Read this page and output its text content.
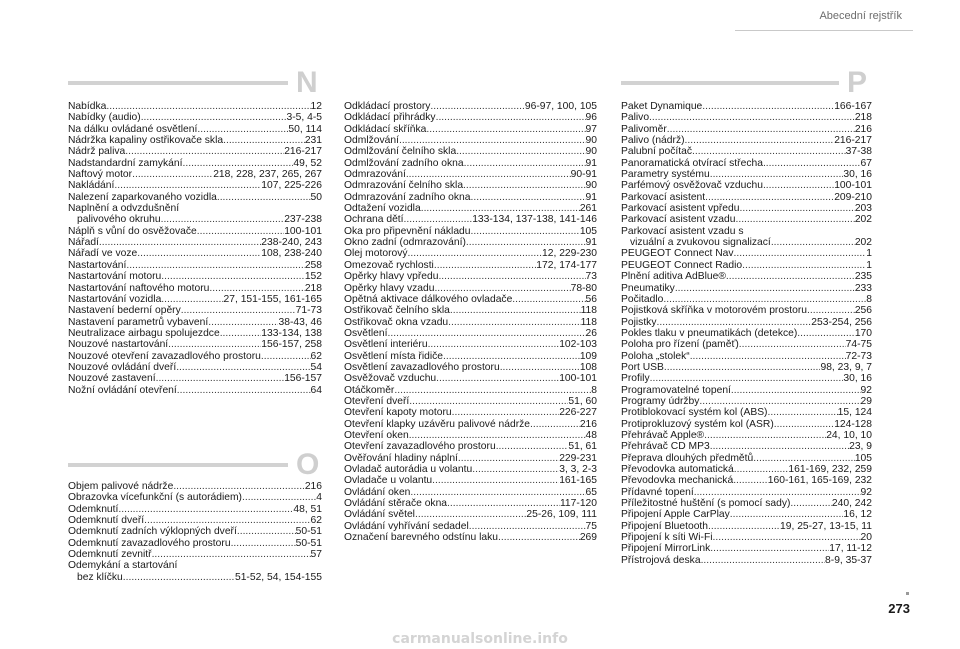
Abecední rejstřík
N
Nabídka .....	12
Nabídky (audio) .....	3-5, 4-5
Na dálku ovládané osvětlení .....	50, 114
Nádržka kapaliny ostřikovače skla .....	231
Nádrž paliva .....	216-217
Nadstandardní zamykání .....	49, 52
Naftový motor .....	218, 228, 237, 265, 267
Nakládání .....	107, 225-226
Nalezení zaparkovaného vozidla .....	50
Naplnění a odvzdušnění
palivového okruhu .....	237-238
Náplň s vůní do osvěžovače .....	100-101
Nářadí .....	238-240, 243
Nářadí ve voze .....	108, 238-240
Nastartování .....	258
Nastartování motoru .....	152
Nastartování naftového motoru .....	218
Nastartování vozidla .....	27, 151-155, 161-165
Nastavení bederní opěry .....	71-73
Nastavení parametrů vybavení .....	38-43, 46
Neutralizace airbagu spolujezdce .....	133-134, 138
Nouzové nastartování .....	156-157, 258
Nouzové otevření zavazadlového prostoru .....	62
Nouzové ovládání dveří .....	54
Nouzové zastavení .....	156-157
Nožní ovládání otevření .....	64
O
Objem palivové nádrže .....	216
Obrazovka vícefunkční (s autorádiem) .....	4
Odemknutí .....	48, 51
Odemknutí dveří .....	62
Odemknutí zadních výklopných dveří .....	50-51
Odemknutí zavazadlového prostoru .....	50-51
Odemknutí zevnitř .....	57
Odemykání a startování
bez klíčku .....	51-52, 54, 154-155
Odkládací prostory .....	96-97, 100, 105
Odkládací přihrádky .....	96
Odkládací skříňka .....	97
Odmlžování .....	90
Odmlžování čelního skla .....	90
Odmlžování zadního okna .....	91
Odmrazování .....	90-91
Odmrazování čelního skla .....	90
Odmrazování zadního okna .....	91
Odtažení vozidla .....	261
Ochrana dětí .....	133-134, 137-138, 141-146
Oka pro připevnění nákladu .....	105
Okno zadní (odmrazování) .....	91
Olej motorový .....	12, 229-230
Omezovač rychlosti .....	172, 174-177
Opěrky hlavy vpředu .....	73
Opěrky hlavy vzadu .....	78-80
Opětná aktivace dálkového ovladače .....	56
Ostřikovač čelního skla .....	118
Ostřikovač okna vzadu .....	118
Osvětlení .....	26
Osvětlení interiéru .....	102-103
Osvětlení místa řidiče .....	109
Osvětlení zavazadlového prostoru .....	108
Osvěžovač vzduchu .....	100-101
Otáčkoměr .....	8
Otevření dveří .....	51, 60
Otevření kapoty motoru .....	226-227
Otevření klapky uzávěru palivové nádrže .....	216
Otevření oken .....	48
Otevření zavazadlového prostoru .....	51, 61
Ověřování hladiny náplní .....	229-231
Ovladač autorádia u volantu .....	3, 3, 2-3
Ovladače u volantu .....	161-165
Ovládání oken .....	65
Ovládání stěrače okna .....	117-120
Ovládání světel .....	25-26, 109, 111
Ovládání vyhřívání sedadel .....	75
Označení barevného odstínu laku .....	269
P
Paket Dynamique .....	166-167
Palivo .....	218
Palivoměr .....	216
Palivo (nádrž) .....	216-217
Palubní počítač .....	37-38
Panoramatická otvírací střecha .....	67
Parametry systému .....	30, 16
Parfémový osvěžovač vzduchu .....	100-101
Parkovací asistent .....	209-210
Parkovací asistent vpředu .....	203
Parkovací asistent vzadu .....	202
Parkovací asistent vzadu s
vizuální a zvukovou signalizací .....	202
PEUGEOT Connect Nav .....	1
PEUGEOT Connect Radio .....	1
Plnění aditiva AdBlue® .....	235
Pneumatiky .....	233
Počitadlo .....	8
Pojistková skříňka v motorovém prostoru .....	256
Pojistky .....	253-254, 256
Pokles tlaku v pneumatikách (detekce) .....	170
Poloha pro řízení (paměť) .....	74-75
Poloha „stolek“ .....	72-73
Port USB .....	98, 23, 9, 7
Profily .....	30, 16
Programovatelné topení .....	92
Programy údržby .....	29
Protiblokovací systém kol (ABS) .....	15, 124
Protiprokluzový systém kol (ASR) .....	124-128
Přehrávač Apple® .....	24, 10, 10
Přehrávač CD MP3 .....	23, 9
Přeprava dlouhých předmětů .....	105
Převodovka automatická .....	161-169, 232, 259
Převodovka mechanická .....	160-161, 165-169, 232
Přídavné topení .....	92
Příležitostné huštění (s pomocí sady) .....	240, 242
Připojení Apple CarPlay .....	16, 12
Připojení Bluetooth .....	19, 25-27, 13-15, 11
Připojení k síti Wi-Fi .....	20
Připojení MirrorLink .....	17, 11-12
Přístrojová deska .....	8-9, 35-37
273
carmanualsonline.info
